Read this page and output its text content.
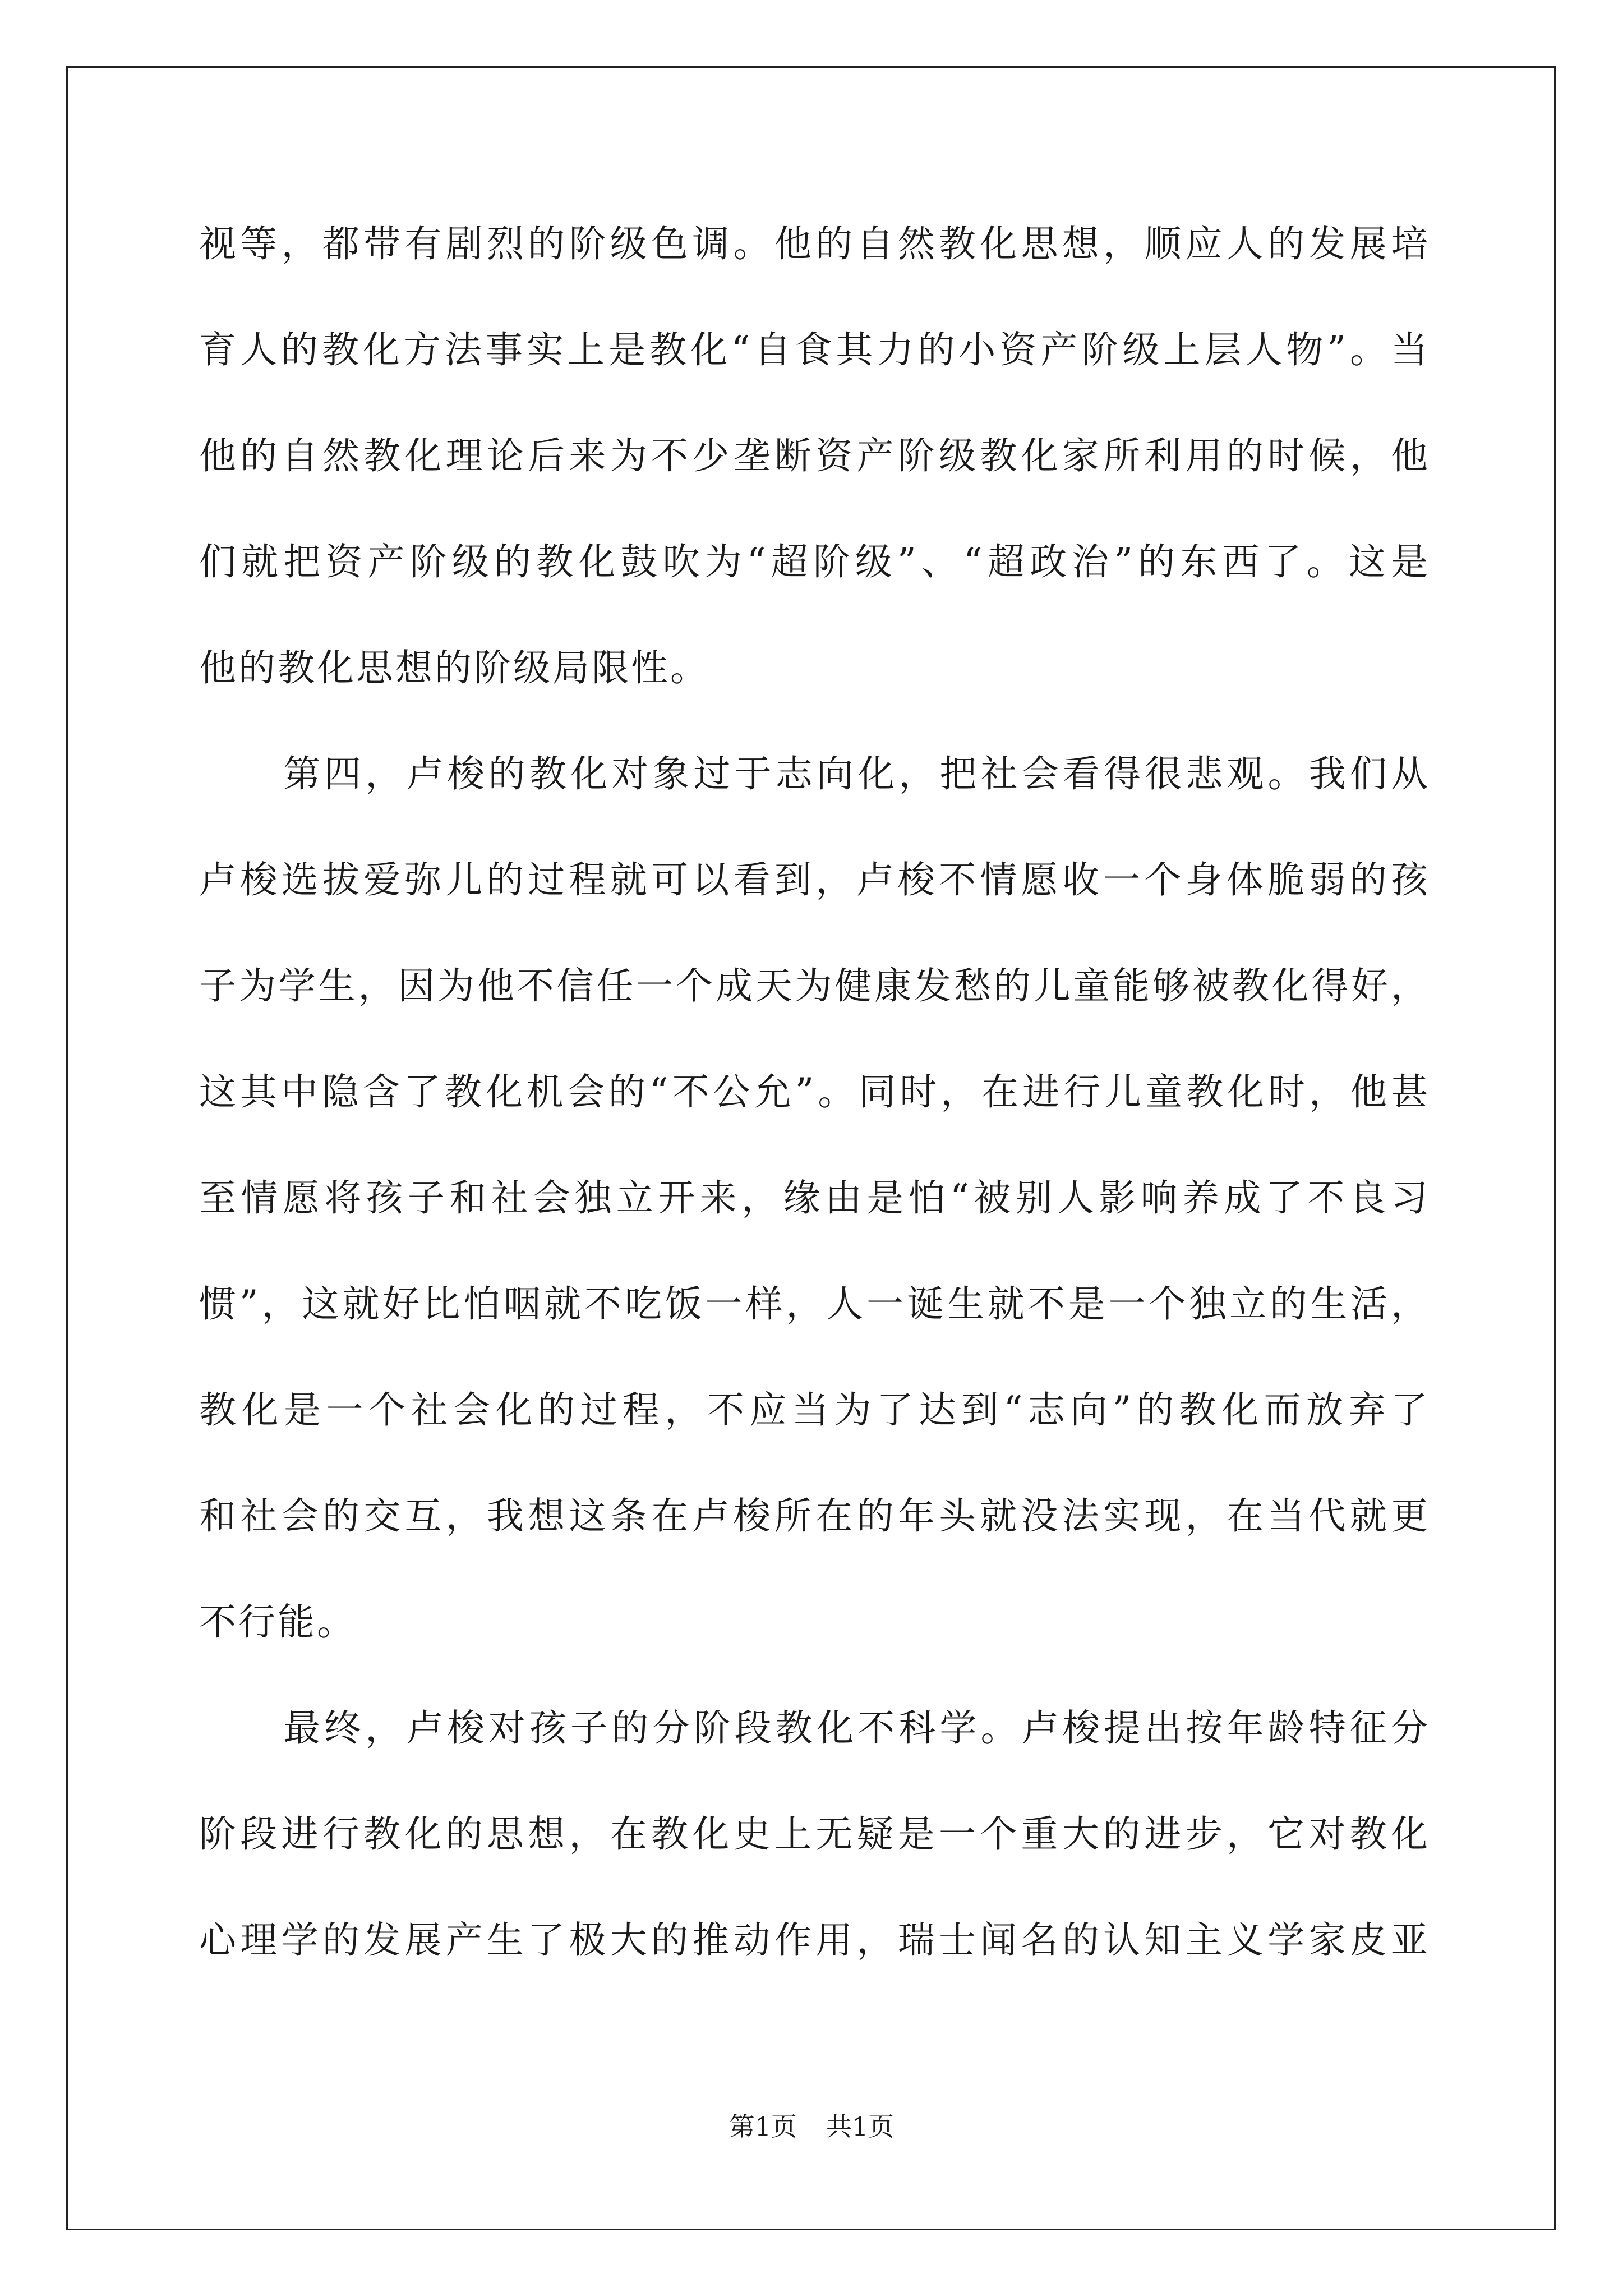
视等，都带有剧烈的阶级色调。他的自然教化思想，顺应人的发展培
育人的教化方法事实上是教化“自食其力的小资产阶级上层人物”。当
他的自然教化理论后来为不少垄断资产阶级教化家所利用的时候，他
们就把资产阶级的教化鼓吹为“超阶级”、“超政治”的东西了。这是
他的教化思想的阶级局限性。
第四，卢梭的教化对象过于志向化，把社会看得很悲观。我们从
卢梭选拔爱弥儿的过程就可以看到，卢梭不情愿收一个身体脆弱的孩
子为学生，因为他不信任一个成天为健康发愁的儿童能够被教化得好，
这其中隐含了教化机会的“不公允”。同时，在进行儿童教化时，他甚
至情愿将孩子和社会独立开来，缘由是怕“被别人影响养成了不良习
惯”，这就好比怕咽就不吃饭一样，人一诞生就不是一个独立的生活，
教化是一个社会化的过程，不应当为了达到“志向”的教化而放弃了
和社会的交互，我想这条在卢梭所在的年头就没法实现，在当代就更
不行能。
最终，卢梭对孩子的分阶段教化不科学。卢梭提出按年龄特征分
阶段进行教化的思想，在教化史上无疑是一个重大的进步，它对教化
心理学的发展产生了极大的推动作用，瑞士闻名的认知主义学家皮亚
第1页 共1页
